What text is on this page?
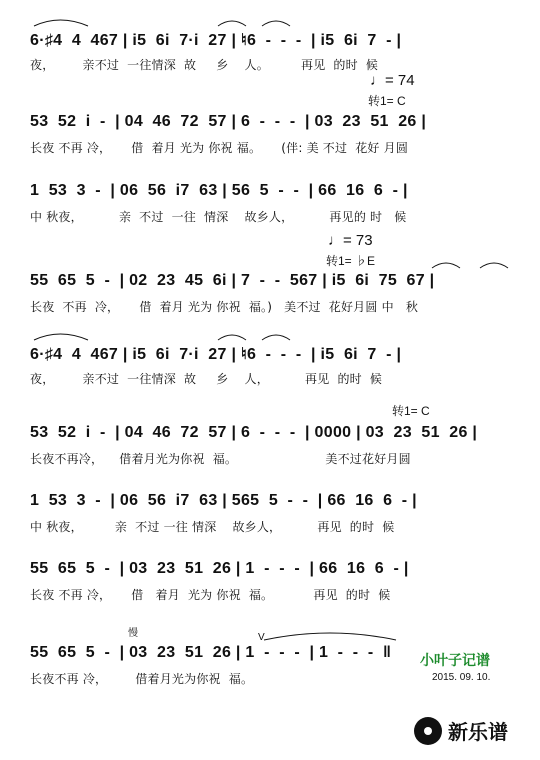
6·♯4  4  467 | i5  6i  7·i  27 | ♮6  -  -  -  | i5  6i  7  - |
夜，       亲不过  一往情深  故     乡    人。        再见  的时  候
♩= 74
转1= C
53  52  i  -  | 04  46  72  57 | 6  -  -  -  | 03  23  51  26 |
长夜 不再 冷，     借  着月 光为 你祝 福。     (伴: 美 不过  花好 月圆
1  53  3  -  | 06  56  i7  63 | 56  5  -  -  | 66  16  6  - |
中 秋夜，         亲  不过  一往  情深    故乡人，         再见的 时   候
♩= 73
转1= ♭E
55  65  5  -  | 02  23  45  6i | 7  -  -  567 | i5  6i  75  67 |
长夜  不再  冷，     借  着月 光为 你祝  福。)   美不过  花好月圆 中   秋
6·♯4  4  467 | i5  6i  7·i  27 | ♮6  -  -  -  | i5  6i  7  - |
夜，       亲不过  一往情深  故     乡    人，         再见  的时  候
转1= C
53  52  i  -  | 04  46  72  57 | 6  -  -  -  | 0000 | 03  23  51  26 |
长夜不再冷，    借着月光为你祝  福。                      美不过花好月圆
1  53  3  -  | 06  56  i7  63 | 565  5  -  -  | 66  16  6  - |
中 秋夜，        亲  不过 一往 情深    故乡人，         再见  的时  候
55  65  5  -  | 03  23  51  26 | 1  -  -  -  | 66  16  6  - |
长夜 不再 冷，     借   着月  光为 你祝  福。          再见  的时  候
慢	V
55  65  5  -  | 03  23  51  26 | 1  -  -  -  | 1  -  -  -  ‖
长夜不再 冷，       借着月光为你祝  福。
小叶子记谱
2015. 09. 10.
新乐谱
